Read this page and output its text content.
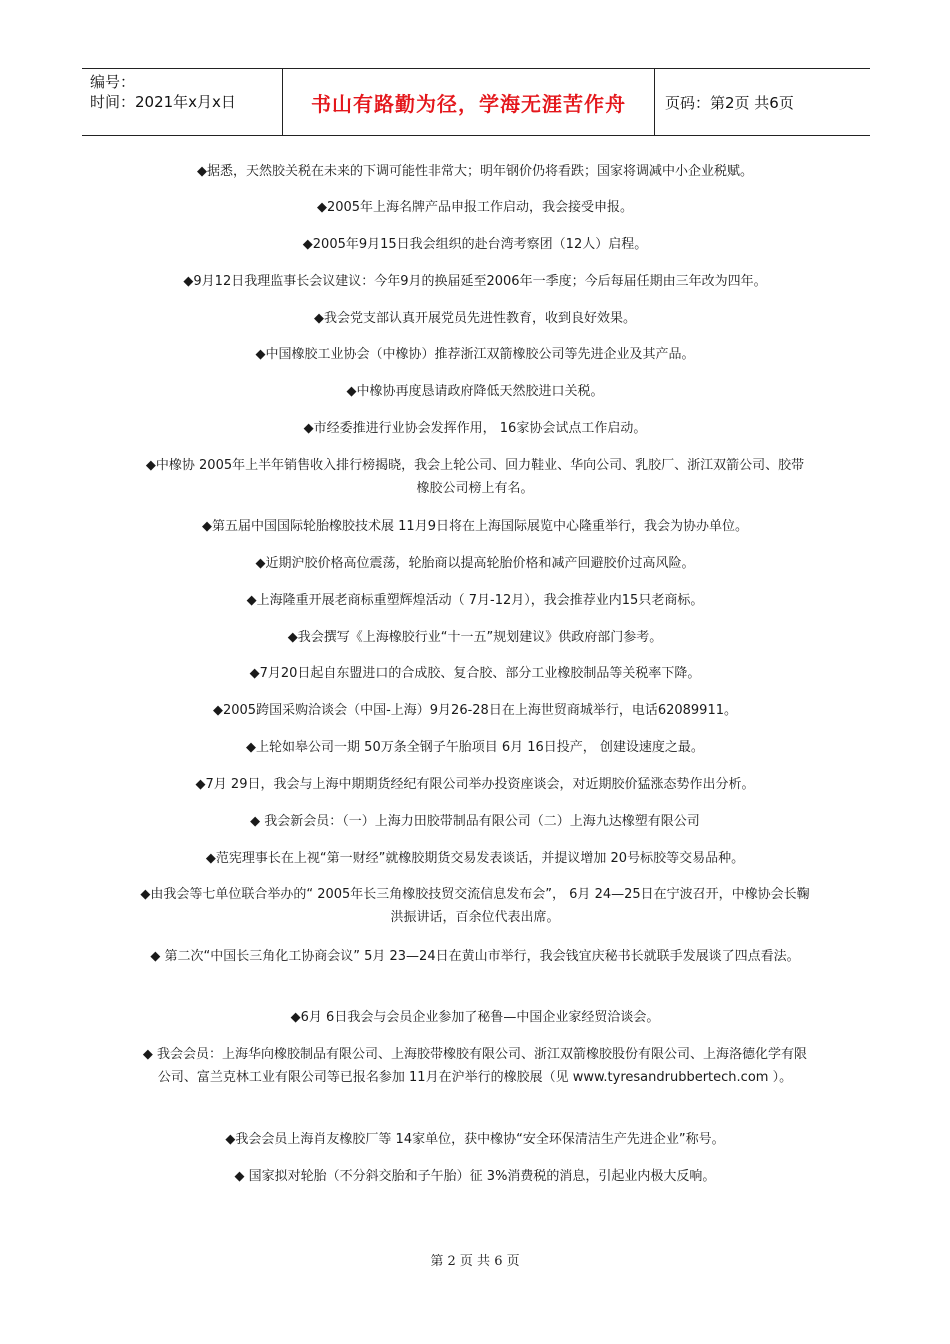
编号：
时间：2021年x月x日	书山有路勤为径，学海无涯苦作舟	页码：第2页 共6页
◆据悉，天然胶关税在未来的下调可能性非常大；明年钢价仍将看跌；国家将调减中小企业税赋。
◆2005年上海名牌产品申报工作启动，我会接受申报。
◆2005年9月15日我会组织的赴台湾考察团（12人）启程。
◆9月12日我理监事长会议建议：今年9月的换届延至2006年一季度；今后每届任期由三年改为四年。
◆我会党支部认真开展党员先进性教育，收到良好效果。
◆中国橡胶工业协会（中橡协）推荐浙江双箭橡胶公司等先进企业及其产品。
◆中橡协再度恳请政府降低天然胶进口关税。
◆市经委推进行业协会发挥作用， 16家协会试点工作启动。
◆中橡协 2005年上半年销售收入排行榜揭晓，我会上轮公司、回力鞋业、华向公司、乳胶厂、浙江双箭公司、胶带橡胶公司榜上有名。
◆第五届中国国际轮胎橡胶技术展 11月9日将在上海国际展览中心隆重举行，我会为协办单位。
◆近期沪胶价格高位震荡，轮胎商以提高轮胎价格和减产回避胶价过高风险。
◆上海隆重开展老商标重塑辉煌活动（ 7月-12月），我会推荐业内15只老商标。
◆我会撰写《上海橡胶行业“十一五”规划建议》供政府部门参考。
◆7月20日起自东盟进口的合成胶、复合胶、部分工业橡胶制品等关税率下降。
◆2005跨国采购洽谈会（中国-上海）9月26-28日在上海世贸商城举行，电话62089911。
◆上轮如皋公司一期 50万条全钢子午胎项目 6月 16日投产， 创建设速度之最。
◆7月 29日，我会与上海中期期货经纪有限公司举办投资座谈会，对近期胶价猛涨态势作出分析。
◆ 我会新会员：（一）上海力田胶带制品有限公司（二）上海九达橡塑有限公司
◆范宪理事长在上视“第一财经”就橡胶期货交易发表谈话，并提议增加 20号标胶等交易品种。
◆由我会等七单位联合举办的“ 2005年长三角橡胶技贸交流信息发布会”， 6月 24—25日在宁波召开，中橡协会长鞠洪振讲话，百余位代表出席。
◆ 第二次“中国长三角化工协商会议” 5月 23—24日在黄山市举行，我会钱宜庆秘书长就联手发展谈了四点看法。
◆6月 6日我会与会员企业参加了秘鲁—中国企业家经贸洽谈会。
◆ 我会会员：上海华向橡胶制品有限公司、上海胶带橡胶有限公司、浙江双箭橡胶股份有限公司、上海洛德化学有限公司、富兰克林工业有限公司等已报名参加 11月在沪举行的橡胶展（见 www.tyresandrubbertech.com ）。
◆我会会员上海肖友橡胶厂等 14家单位，获中橡协“安全环保清洁生产先进企业”称号。
◆ 国家拟对轮胎（不分斜交胎和子午胎）征 3%消费税的消息，引起业内极大反响。
第 2 页 共 6 页
